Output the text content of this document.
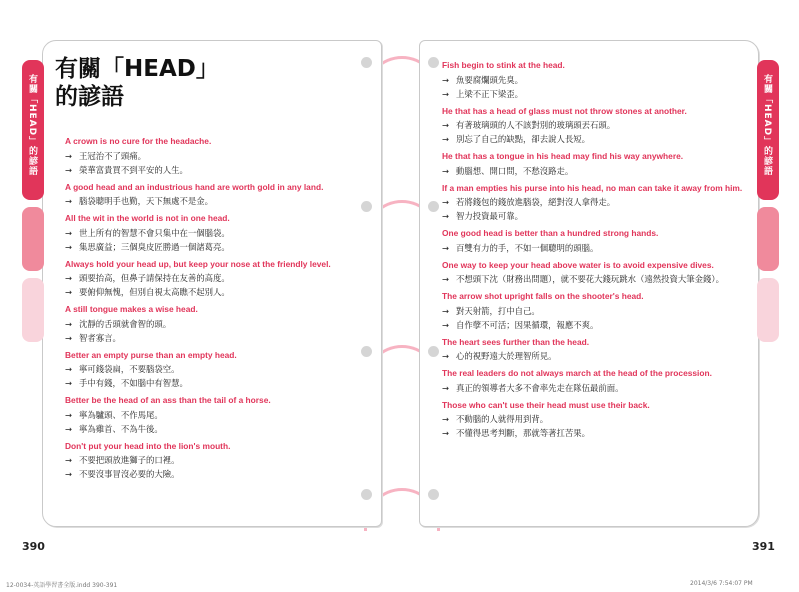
有關「HEAD」
的諺語
A crown is no cure for the headache.
→ 王冠治不了頭痛。
→ 榮華富貴買不到平安的人生。
A good head and an industrious hand are worth gold in any land.
→ 腦袋聰明手也勤，天下無處不是金。
All the wit in the world is not in one head.
→ 世上所有的智慧不會只集中在一個腦袋。
→ 集思廣益；三個臭皮匠勝過一個諸葛亮。
Always hold your head up, but keep your nose at the friendly level.
→ 頭要抬高，但鼻子請保持在友善的高度。
→ 要俯仰無愧，但別自視太高瞧不起別人。
A still tongue makes a wise head.
→ 沈靜的舌頭就會智的頭。
→ 智者寡言。
Better an empty purse than an empty head.
→ 寧可錢袋扁，不要腦袋空。
→ 手中有錢，不如腦中有智慧。
Better be the head of an ass than the tail of a horse.
→ 寧為驢頭、不作馬尾。
→ 寧為雞首、不為牛後。
Don't put your head into the lion's mouth.
→ 不要把頭放進獅子的口裡。
→ 不要沒事冒沒必要的大險。
Fish begin to stink at the head.
→ 魚要腐爛頭先臭。
→ 上梁不正下梁歪。
He that has a head of glass must not throw stones at another.
→ 有著玻璃頭的人不該對別的玻璃頭丟石頭。
→ 別忘了自己的缺點，卻去說人長短。
He that has a tongue in his head may find his way anywhere.
→ 動腦想、開口問，不愁沒路走。
If a man empties his purse into his head, no man can take it away from him.
→ 若將錢包的錢放進腦袋，絕對沒人拿得走。
→ 智力投資最可靠。
One good head is better than a hundred strong hands.
→ 百雙有力的手，不如一個聰明的頭腦。
One way to keep your head above water is to avoid expensive dives.
→ 不想頭下沈（財務出問題），就不要花大錢玩跳水（遠然投資大筆金錢）。
The arrow shot upright falls on the shooter's head.
→ 對天射箭，打中自己。
→ 自作孽不可活；因果循環，報應不爽。
The heart sees further than the head.
→ 心的視野遠大於理智所見。
The real leaders do not always march at the head of the procession.
→ 真正的領導者大多不會率先走在隊伍最前面。
Those who can't use their head must use their back.
→ 不動腦的人就得用到背。
→ 不懂得思考判斷，那就等著扛苦果。
有關「HEAD」的諺語	有關「HEAD」的諺語
390	391
12-0034-英語學習書全版.indd 390-391	2014/3/6 7:54:07 PM
